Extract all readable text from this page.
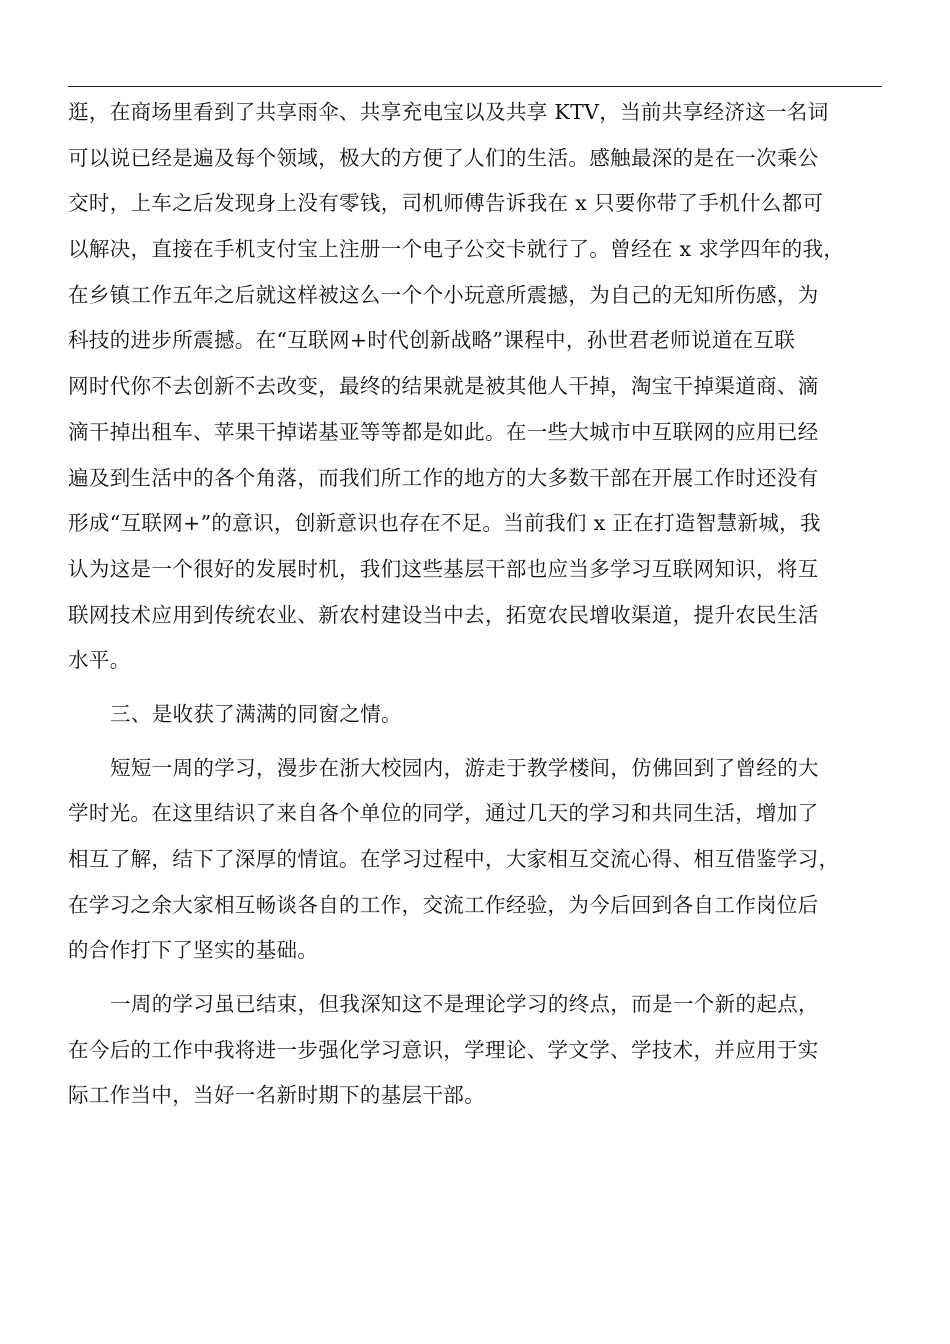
逛，在商场里看到了共享雨伞、共享充电宝以及共享 KTV，当前共享经济这一名词
可以说已经是遍及每个领域，极大的方便了人们的生活。感触最深的是在一次乘公
交时，上车之后发现身上没有零钱，司机师傅告诉我在 x 只要你带了手机什么都可
以解决，直接在手机支付宝上注册一个电子公交卡就行了。曾经在 x 求学四年的我，
在乡镇工作五年之后就这样被这么一个个小玩意所震撼，为自己的无知所伤感，为
科技的进步所震撼。在“互联网+时代创新战略”课程中，孙世君老师说道在互联
网时代你不去创新不去改变，最终的结果就是被其他人干掉，淘宝干掉渠道商、滴
滴干掉出租车、苹果干掉诺基亚等等都是如此。在一些大城市中互联网的应用已经
遍及到生活中的各个角落，而我们所工作的地方的大多数干部在开展工作时还没有
形成“互联网+”的意识，创新意识也存在不足。当前我们 x 正在打造智慧新城，我
认为这是一个很好的发展时机，我们这些基层干部也应当多学习互联网知识，将互
联网技术应用到传统农业、新农村建设当中去，拓宽农民增收渠道，提升农民生活
水平。
三、是收获了满满的同窗之情。
短短一周的学习，漫步在浙大校园内，游走于教学楼间，仿佛回到了曾经的大
学时光。在这里结识了来自各个单位的同学，通过几天的学习和共同生活，增加了
相互了解，结下了深厚的情谊。在学习过程中，大家相互交流心得、相互借鉴学习，
在学习之余大家相互畅谈各自的工作，交流工作经验，为今后回到各自工作岗位后
的合作打下了坚实的基础。
一周的学习虽已结束，但我深知这不是理论学习的终点，而是一个新的起点，
在今后的工作中我将进一步强化学习意识，学理论、学文学、学技术，并应用于实
际工作当中，当好一名新时期下的基层干部。
